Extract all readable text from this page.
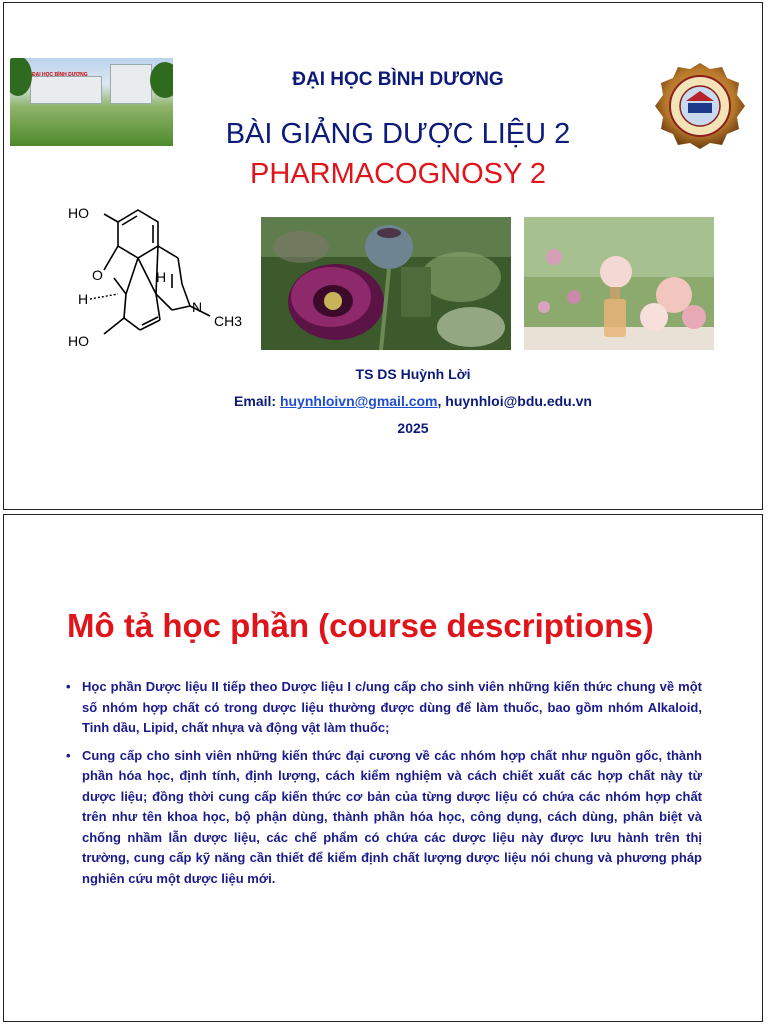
ĐẠI HỌC BÌNH DƯƠNG	ĐẠI HỌC BÌNH DƯƠNG
BÀI GIẢNG DƯỢC LIỆU 2
PHARMACOGNOSY 2
HO
O
H
H
N
CH3
HO
TS DS Huỳnh Lời
Email: huynhloivn@gmail.com, huynhloi@bdu.edu.vn
2025
Mô tả học phần (course descriptions)
• Học phần Dược liệu II tiếp theo Dược liệu I c/ung cấp cho sinh viên những kiến thức chung về một số nhóm hợp chất có trong dược liệu thường được dùng để làm thuốc, bao gồm nhóm Alkaloid, Tinh dầu, Lipid, chất nhựa và động vật làm thuốc;
• Cung cấp cho sinh viên những kiến thức đại cương về các nhóm hợp chất như nguồn gốc, thành phần hóa học, định tính, định lượng, cách kiểm nghiệm và cách chiết xuất các hợp chất này từ dược liệu; đồng thời cung cấp kiến thức cơ bản của từng dược liệu có chứa các nhóm hợp chất trên như tên khoa học, bộ phận dùng, thành phần hóa học, công dụng, cách dùng, phân biệt và chống nhầm lẫn dược liệu, các chế phẩm có chứa các dược liệu này được lưu hành trên thị trường, cung cấp kỹ năng cần thiết để kiểm định chất lượng dược liệu nói chung và phương pháp nghiên cứu một dược liệu mới.
